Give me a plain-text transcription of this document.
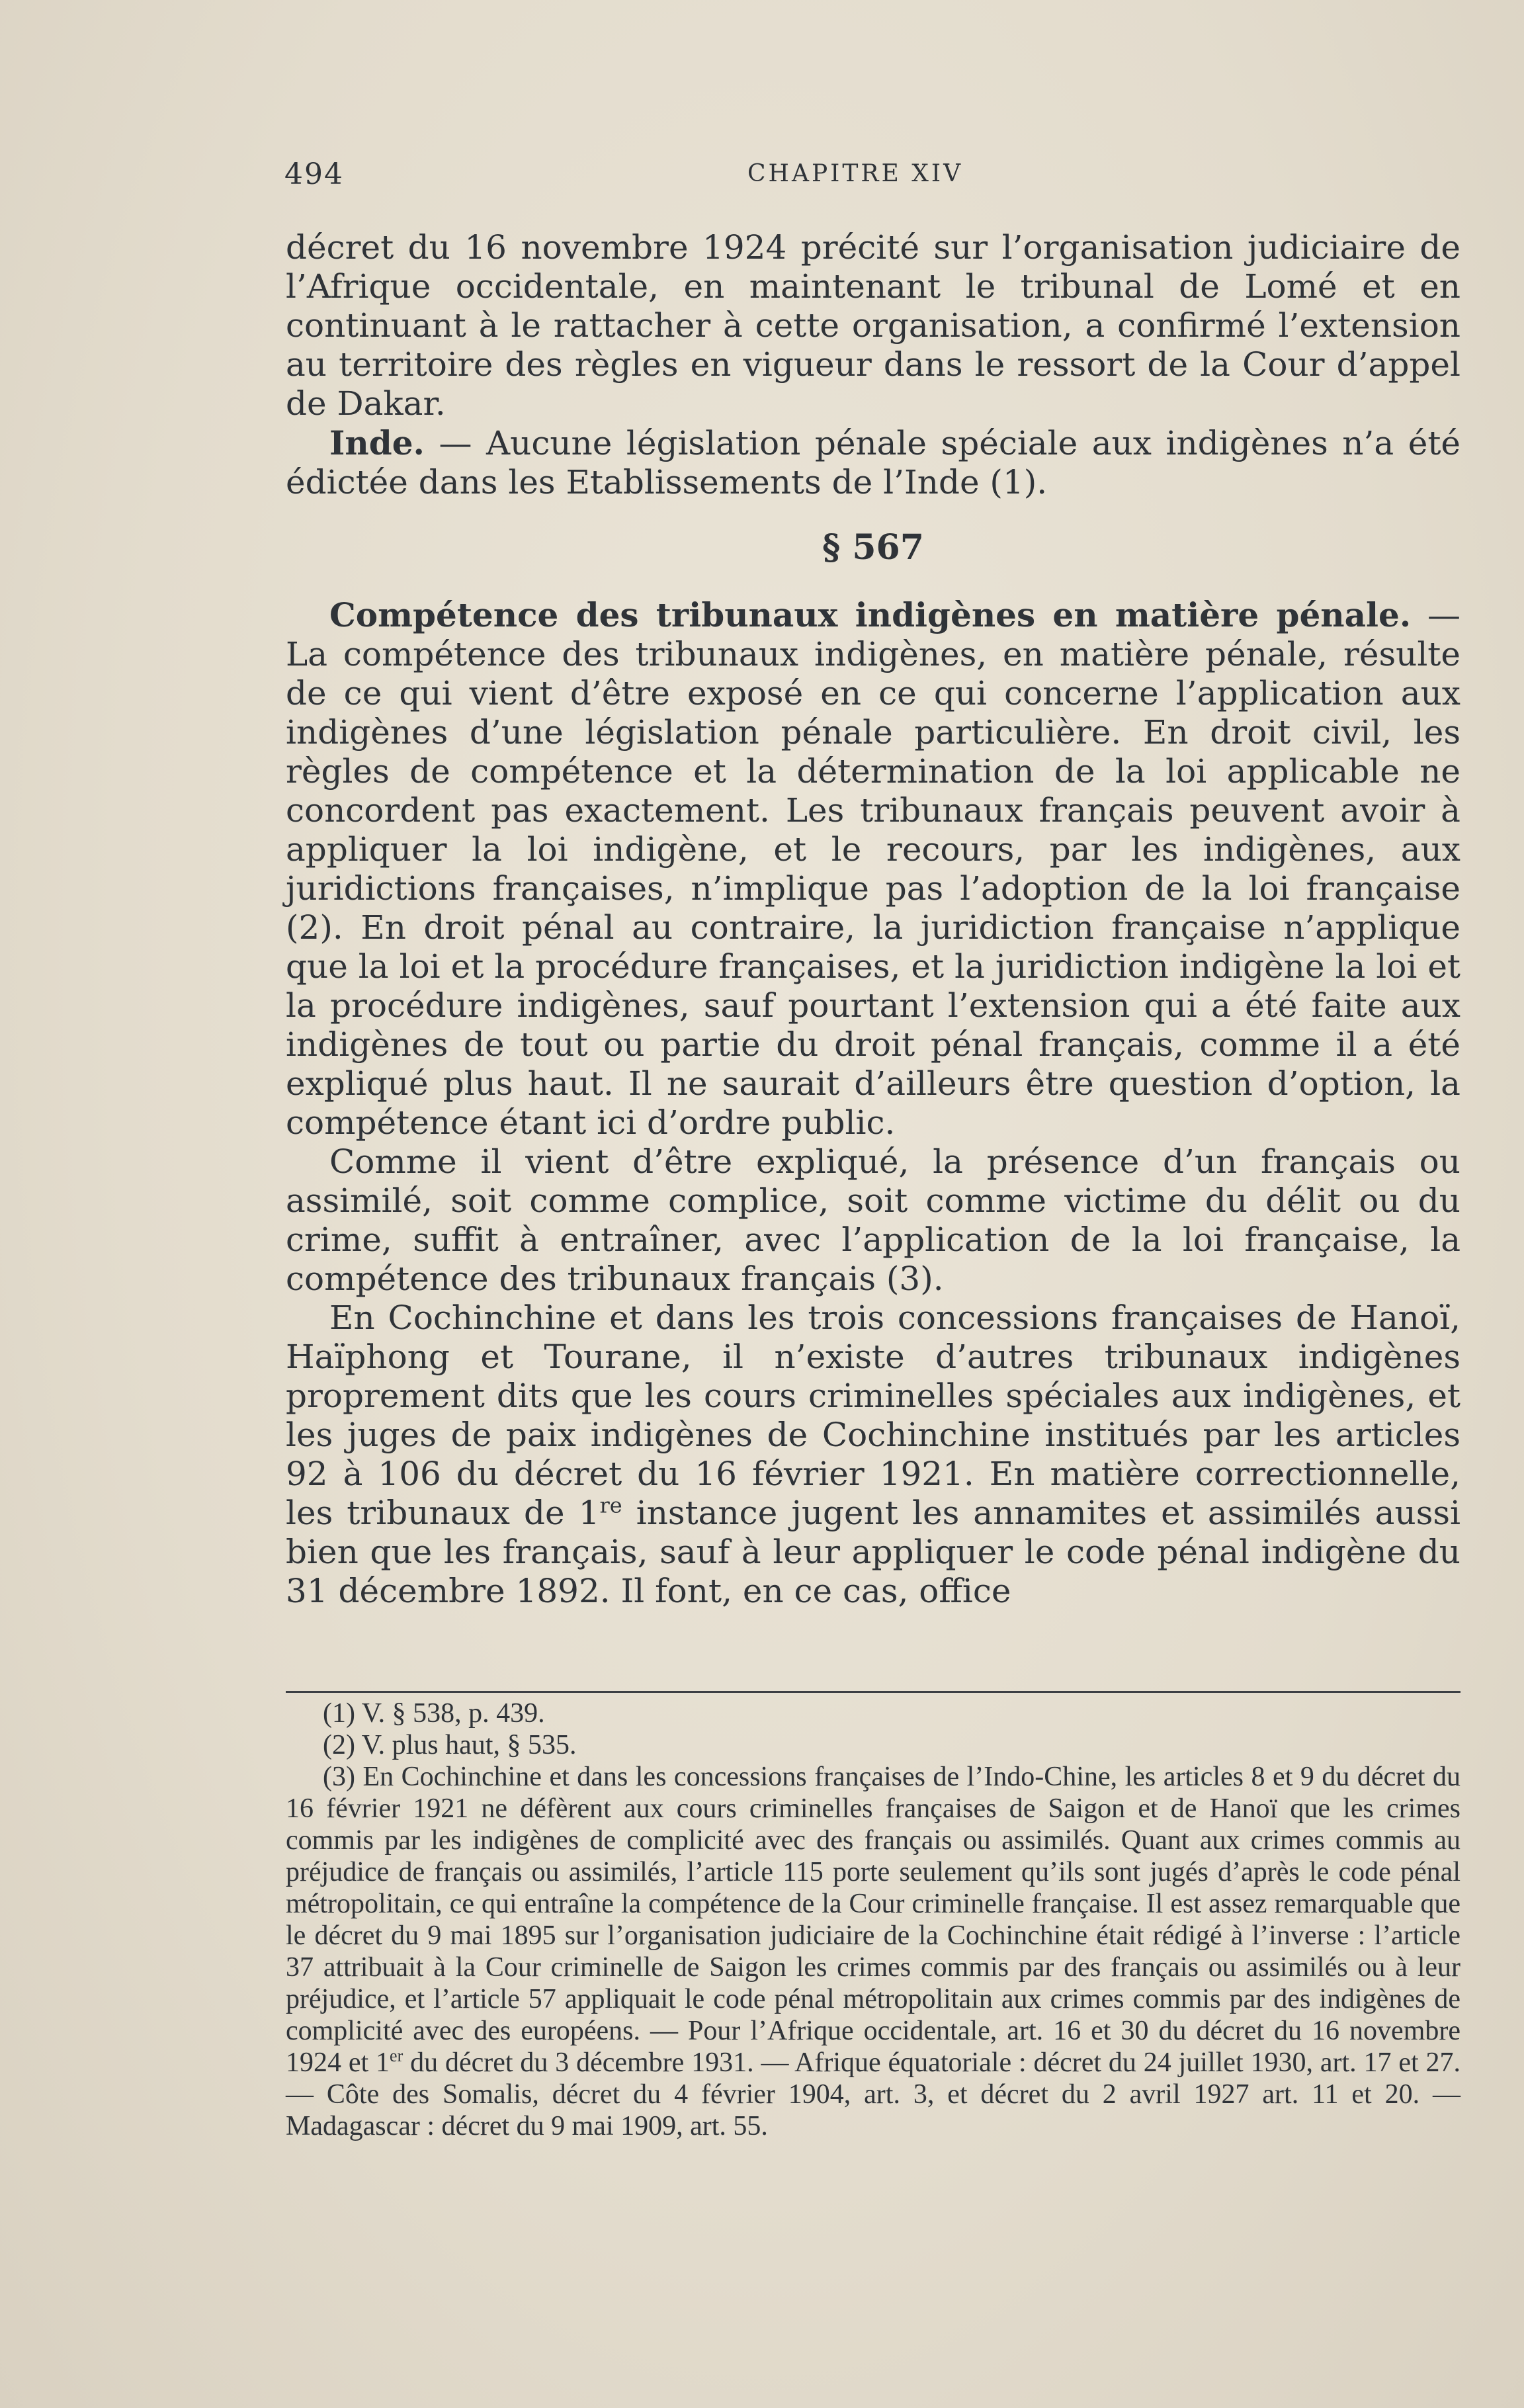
494	CHAPITRE XIV

décret du 16 novembre 1924 précité sur l’organisation judiciaire de l’Afrique occidentale, en maintenant le tribunal de Lomé et en continuant à le rattacher à cette organisation, a confirmé l’extension au territoire des règles en vigueur dans le ressort de la Cour d’appel de Dakar.

Inde. — Aucune législation pénale spéciale aux indigènes n’a été édictée dans les Etablissements de l’Inde (1).

§ 567

Compétence des tribunaux indigènes en matière pénale. — La compétence des tribunaux indigènes, en matière pénale, résulte de ce qui vient d’être exposé en ce qui concerne l’application aux indigènes d’une législation pénale particulière. En droit civil, les règles de compétence et la détermination de la loi applicable ne concordent pas exactement. Les tribunaux français peuvent avoir à appliquer la loi indigène, et le recours, par les indigènes, aux juridictions françaises, n’implique pas l’adoption de la loi française (2). En droit pénal au contraire, la juridiction française n’applique que la loi et la procédure françaises, et la juridiction indigène la loi et la procédure indigènes, sauf pourtant l’extension qui a été faite aux indigènes de tout ou partie du droit pénal français, comme il a été expliqué plus haut. Il ne saurait d’ailleurs être question d’option, la compétence étant ici d’ordre public.

Comme il vient d’être expliqué, la présence d’un français ou assimilé, soit comme complice, soit comme victime du délit ou du crime, suffit à entraîner, avec l’application de la loi française, la compétence des tribunaux français (3).

En Cochinchine et dans les trois concessions françaises de Hanoï, Haïphong et Tourane, il n’existe d’autres tribunaux indigènes proprement dits que les cours criminelles spéciales aux indigènes, et les juges de paix indigènes de Cochinchine institués par les articles 92 à 106 du décret du 16 février 1921. En matière correctionnelle, les tribunaux de 1re instance jugent les annamites et assimilés aussi bien que les français, sauf à leur appliquer le code pénal indigène du 31 décembre 1892. Il font, en ce cas, office

(1) V. § 538, p. 439.

(2) V. plus haut, § 535.

(3) En Cochinchine et dans les concessions françaises de l’Indo-Chine, les articles 8 et 9 du décret du 16 février 1921 ne défèrent aux cours criminelles françaises de Saigon et de Hanoï que les crimes commis par les indigènes de complicité avec des français ou assimilés. Quant aux crimes commis au préjudice de français ou assimilés, l’article 115 porte seulement qu’ils sont jugés d’après le code pénal métropolitain, ce qui entraîne la compétence de la Cour criminelle française. Il est assez remarquable que le décret du 9 mai 1895 sur l’organisation judiciaire de la Cochinchine était rédigé à l’inverse : l’article 37 attribuait à la Cour criminelle de Saigon les crimes commis par des français ou assimilés ou à leur préjudice, et l’article 57 appliquait le code pénal métropolitain aux crimes commis par des indigènes de complicité avec des européens. — Pour l’Afrique occidentale, art. 16 et 30 du décret du 16 novembre 1924 et 1er du décret du 3 décembre 1931. — Afrique équatoriale : décret du 24 juillet 1930, art. 17 et 27. — Côte des Somalis, décret du 4 février 1904, art. 3, et décret du 2 avril 1927 art. 11 et 20. — Madagascar : décret du 9 mai 1909, art. 55.
